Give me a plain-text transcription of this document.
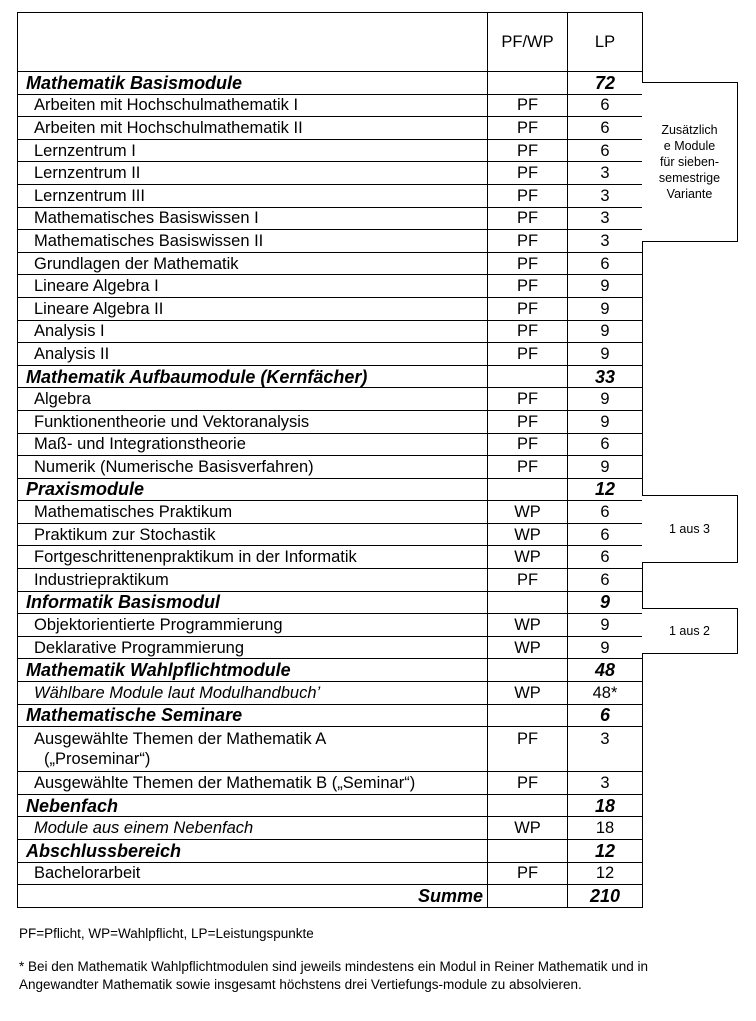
	PF/WP	LP
Mathematik Basismodule		72
Arbeiten mit Hochschulmathematik I	PF	6
Arbeiten mit Hochschulmathematik II	PF	6
Lernzentrum I	PF	6
Lernzentrum II	PF	3
Lernzentrum III	PF	3
Mathematisches Basiswissen I	PF	3
Mathematisches Basiswissen II	PF	3
Grundlagen der Mathematik	PF	6
Lineare Algebra I	PF	9
Lineare Algebra II	PF	9
Analysis I	PF	9
Analysis II	PF	9
Mathematik Aufbaumodule (Kernfächer)		33
Algebra	PF	9
Funktionentheorie und Vektoranalysis	PF	9
Maß- und Integrationstheorie	PF	6
Numerik (Numerische Basisverfahren)	PF	9
Praxismodule		12
Mathematisches Praktikum	WP	6
Praktikum zur Stochastik	WP	6
Fortgeschrittenenpraktikum in der Informatik	WP	6
Industriepraktikum	PF	6
Informatik Basismodul		9
Objektorientierte Programmierung	WP	9
Deklarative Programmierung	WP	9
Mathematik Wahlpflichtmodule		48
Wählbare Module laut Modulhandbuch’	WP	48*
Mathematische Seminare		6

Ausgewählte Themen der Mathematik A
(„Proseminar“)	PF	3
Ausgewählte Themen der Mathematik B („Seminar“)	PF	3
Nebenfach		18
Module aus einem Nebenfach	WP	18
Abschlussbereich		12
Bachelorarbeit	PF	12
Summe		210
Zusätzlich
e Module
für sieben-
semestrige
Variante
1 aus 3
1 aus 2
PF=Pflicht, WP=Wahlpflicht, LP=Leistungspunkte
* Bei den Mathematik Wahlpflichtmodulen sind jeweils mindestens ein Modul in Reiner Mathematik und in Angewandter Mathematik sowie insgesamt höchstens drei Vertiefungs-module zu absolvieren.
